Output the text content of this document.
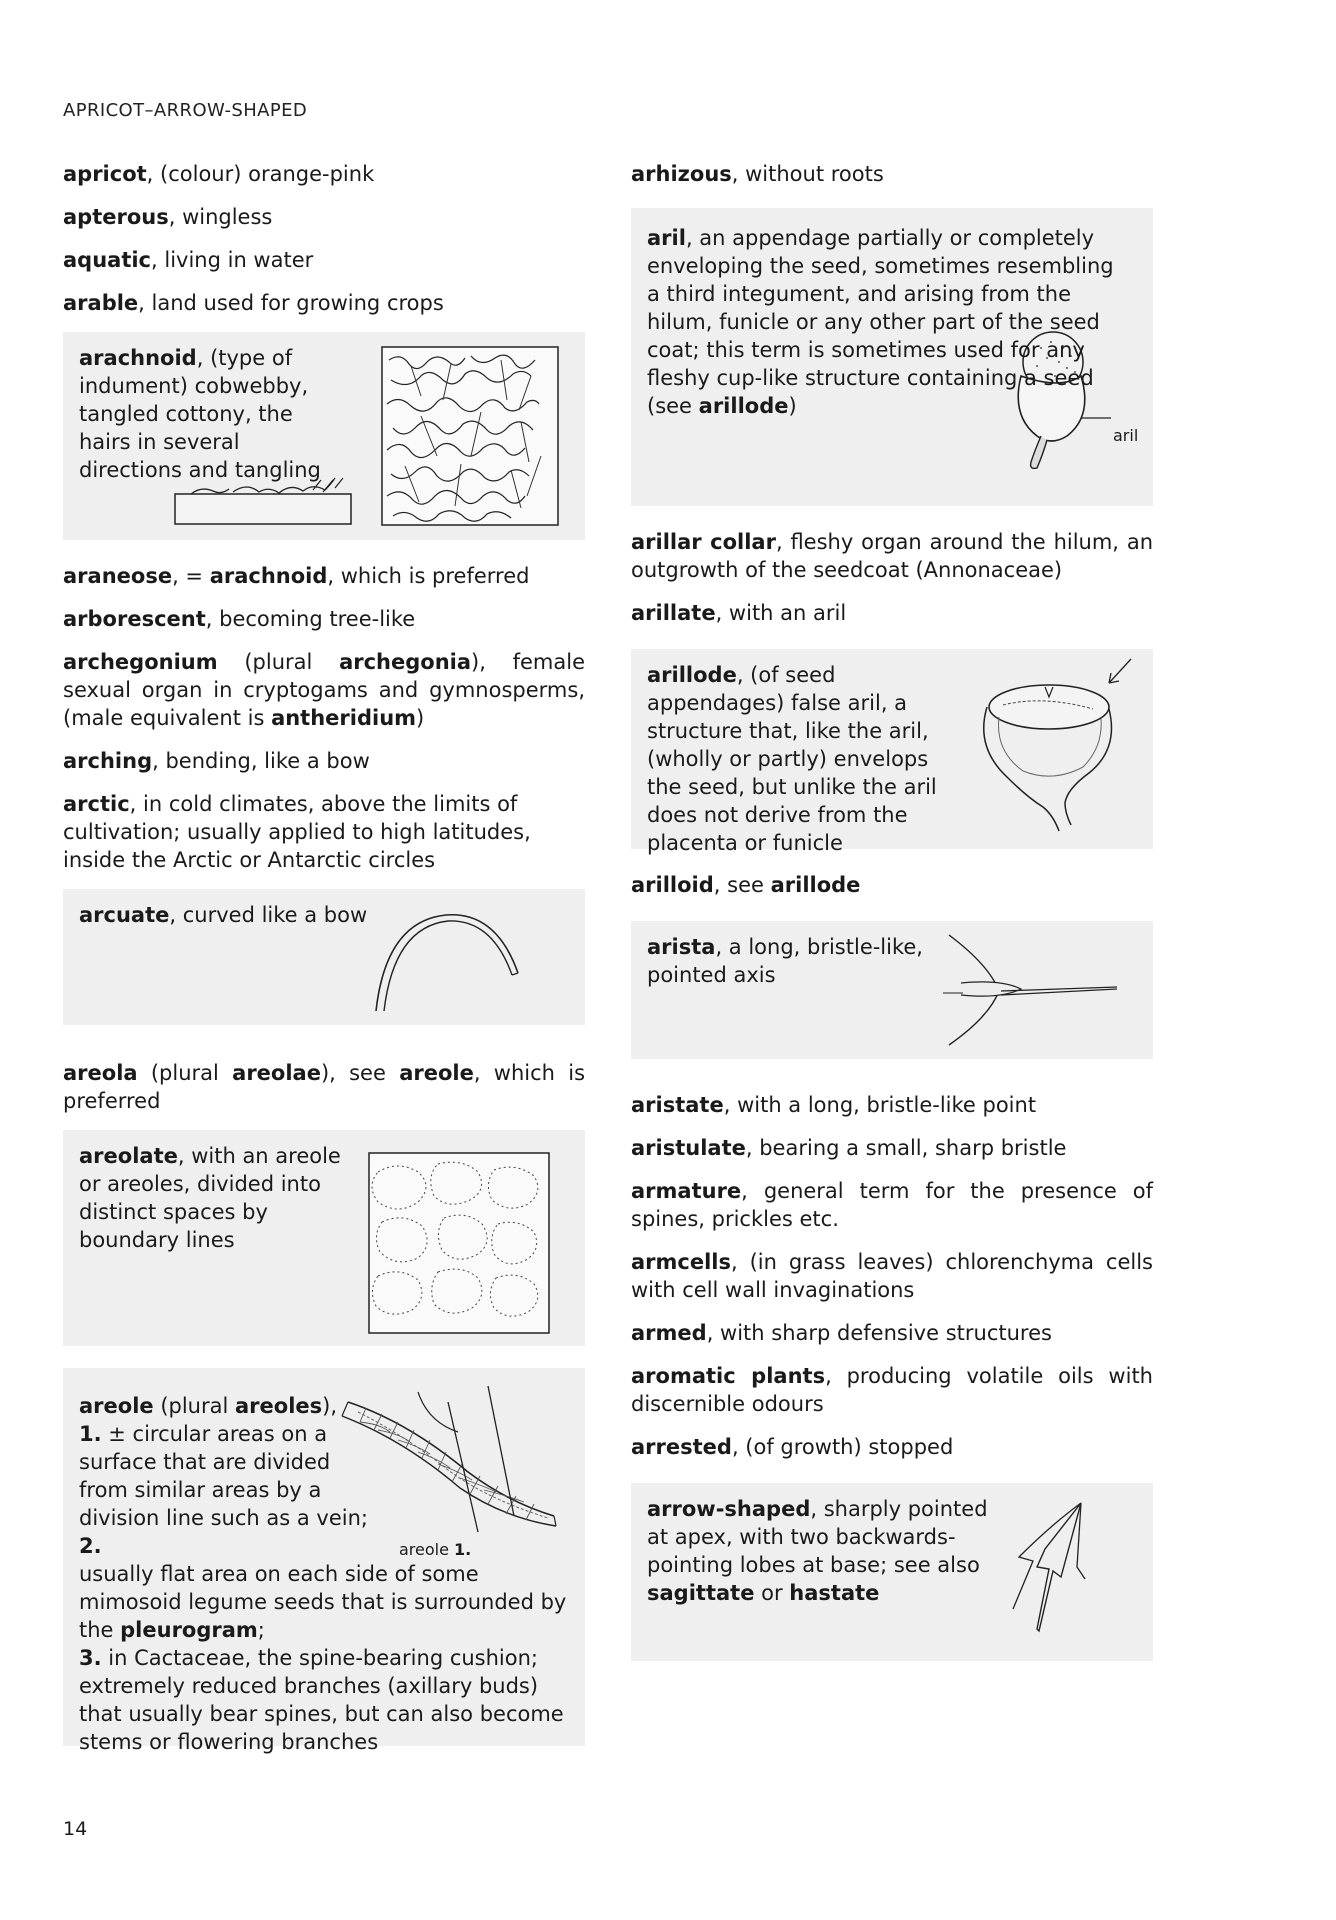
APRICOT–ARROW-SHAPED

apricot, (colour) orange-pink

apterous, wingless

aquatic, living in water

arable, land used for growing crops

arachnoid, (type of indument) cobwebby, tangled cottony, the hairs in several directions and tangling

araneose, = arachnoid, which is preferred

arborescent, becoming tree-like

archegonium (plural archegonia), female sexual organ in cryptogams and gymnosperms, (male equivalent is antheridium)

arching, bending, like a bow

arctic, in cold climates, above the limits of cultivation; usually applied to high latitudes, inside the Arctic or Antarctic circles

arcuate, curved like a bow

areola (plural areolae), see areole, which is preferred

areolate, with an areole or areoles, divided into distinct spaces by boundary lines
areole (plural areoles),
1. ± circular areas on a surface that are divided from similar areas by a division line such as a vein;
2.
usually flat area on each side of some mimosoid legume seeds that is surrounded by the pleurogram;
3. in Cactaceae, the spine-bearing cushion; extremely reduced branches (axillary buds) that usually bear spines, but can also become stems or flowering branches
areole 1.

arhizous, without roots

aril, an appendage partially or completely enveloping the seed, sometimes resembling a third integument, and arising from the hilum, funicle or any other part of the seed coat; this term is sometimes used for any fleshy cup-like structure containing a seed (see arillode)
aril

arillar collar, fleshy organ around the hilum, an outgrowth of the seedcoat (Annonaceae)

arillate, with an aril

arillode, (of seed appendages) false aril, a structure that, like the aril, (wholly or partly) envelops the seed, but unlike the aril does not derive from the placenta or funicle

arilloid, see arillode

arista, a long, bristle-like, pointed axis

aristate, with a long, bristle-like point

aristulate, bearing a small, sharp bristle

armature, general term for the presence of spines, prickles etc.

armcells, (in grass leaves) chlorenchyma cells with cell wall invaginations

armed, with sharp defensive structures

aromatic plants, producing volatile oils with discernible odours

arrested, (of growth) stopped

arrow-shaped, sharply pointed at apex, with two backwards-pointing lobes at base; see also sagittate or hastate
14
